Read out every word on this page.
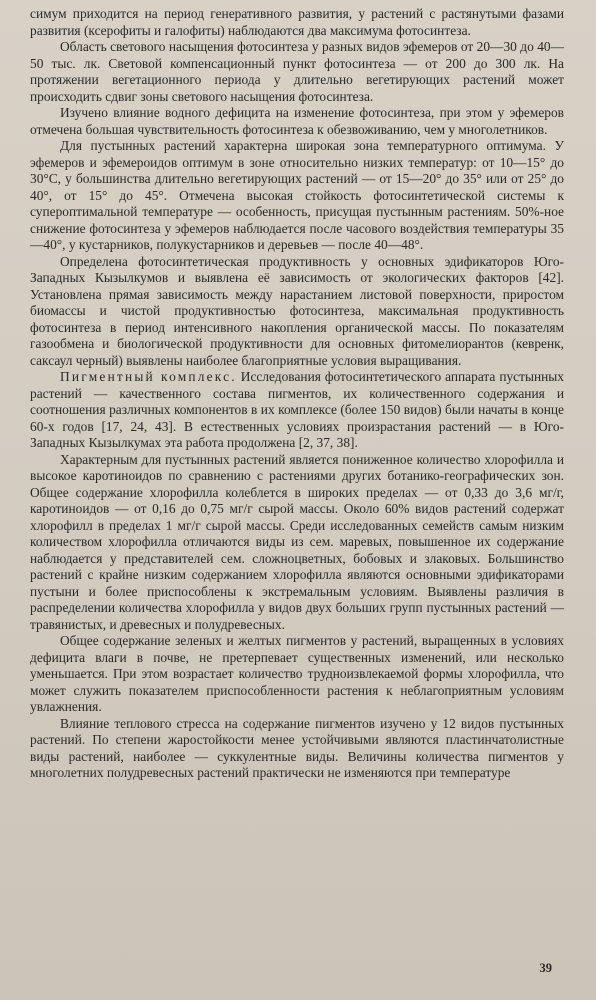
симум приходится на период генеративного развития, у растений с растянутыми фазами развития (ксерофиты и галофиты) наблюдаются два максимума фотосинтеза.

Область светового насыщения фотосинтеза у разных видов эфемеров от 20—30 до 40—50 тыс. лк. Световой компенсационный пункт фотосинтеза — от 200 до 300 лк. На протяжении вегетационного периода у длительно вегетирующих растений может происходить сдвиг зоны светового насыщения фотосинтеза.

Изучено влияние водного дефицита на изменение фотосинтеза, при этом у эфемеров отмечена большая чувствительность фотосинтеза к обезвоживанию, чем у многолетников.

Для пустынных растений характерна широкая зона температурного оптимума. У эфемеров и эфемероидов оптимум в зоне относительно низких температур: от 10—15° до 30°С, у большинства длительно вегетирующих растений — от 15—20° до 35° или от 25° до 40°, от 15° до 45°. Отмечена высокая стойкость фотосинтетической системы к супероптимальной температуре — особенность, присущая пустынным растениям. 50%-ное снижение фотосинтеза у эфемеров наблюдается после часового воздействия температуры 35—40°, у кустарников, полукустарников и деревьев — после 40—48°.

Определена фотосинтетическая продуктивность у основных эдификаторов Юго-Западных Кызылкумов и выявлена её зависимость от экологических факторов [42]. Установлена прямая зависимость между нарастанием листовой поверхности, приростом биомассы и чистой продуктивностью фотосинтеза, максимальная продуктивность фотосинтеза в период интенсивного накопления органической массы. По показателям газообмена и биологической продуктивности для основных фитомелиорантов (кевренк, саксаул черный) выявлены наиболее благоприятные условия выращивания.

Пигментный комплекс. Исследования фотосинтетического аппарата пустынных растений — качественного состава пигментов, их количественного содержания и соотношения различных компонентов в их комплексе (более 150 видов) были начаты в конце 60-х годов [17, 24, 43]. В естественных условиях произрастания растений — в Юго-Западных Кызылкумах эта работа продолжена [2, 37, 38].

Характерным для пустынных растений является пониженное количество хлорофилла и высокое каротиноидов по сравнению с растениями других ботанико-географических зон. Общее содержание хлорофилла колеблется в широких пределах — от 0,33 до 3,6 мг/г, каротиноидов — от 0,16 до 0,75 мг/г сырой массы. Около 60% видов растений содержат хлорофилл в пределах 1 мг/г сырой массы. Среди исследованных семейств самым низким количеством хлорофилла отличаются виды из сем. маревых, повышенное их содержание наблюдается у представителей сем. сложноцветных, бобовых и злаковых. Большинство растений с крайне низким содержанием хлорофилла являются основными эдификаторами пустыни и более приспособлены к экстремальным условиям. Выявлены различия в распределении количества хлорофилла у видов двух больших групп пустынных растений — травянистых, и древесных и полудревесных.

Общее содержание зеленых и желтых пигментов у растений, выращенных в условиях дефицита влаги в почве, не претерпевает существенных изменений, или несколько уменьшается. При этом возрастает количество трудноизвлекаемой формы хлорофилла, что может служить показателем приспособленности растения к неблагоприятным условиям увлажнения.

Влияние теплового стресса на содержание пигментов изучено у 12 видов пустынных растений. По степени жаростойкости менее устойчивыми являются пластинчатолистные виды растений, наиболее — суккулентные виды. Величины количества пигментов у многолетних полудревесных растений практически не изменяются при температуре

39
